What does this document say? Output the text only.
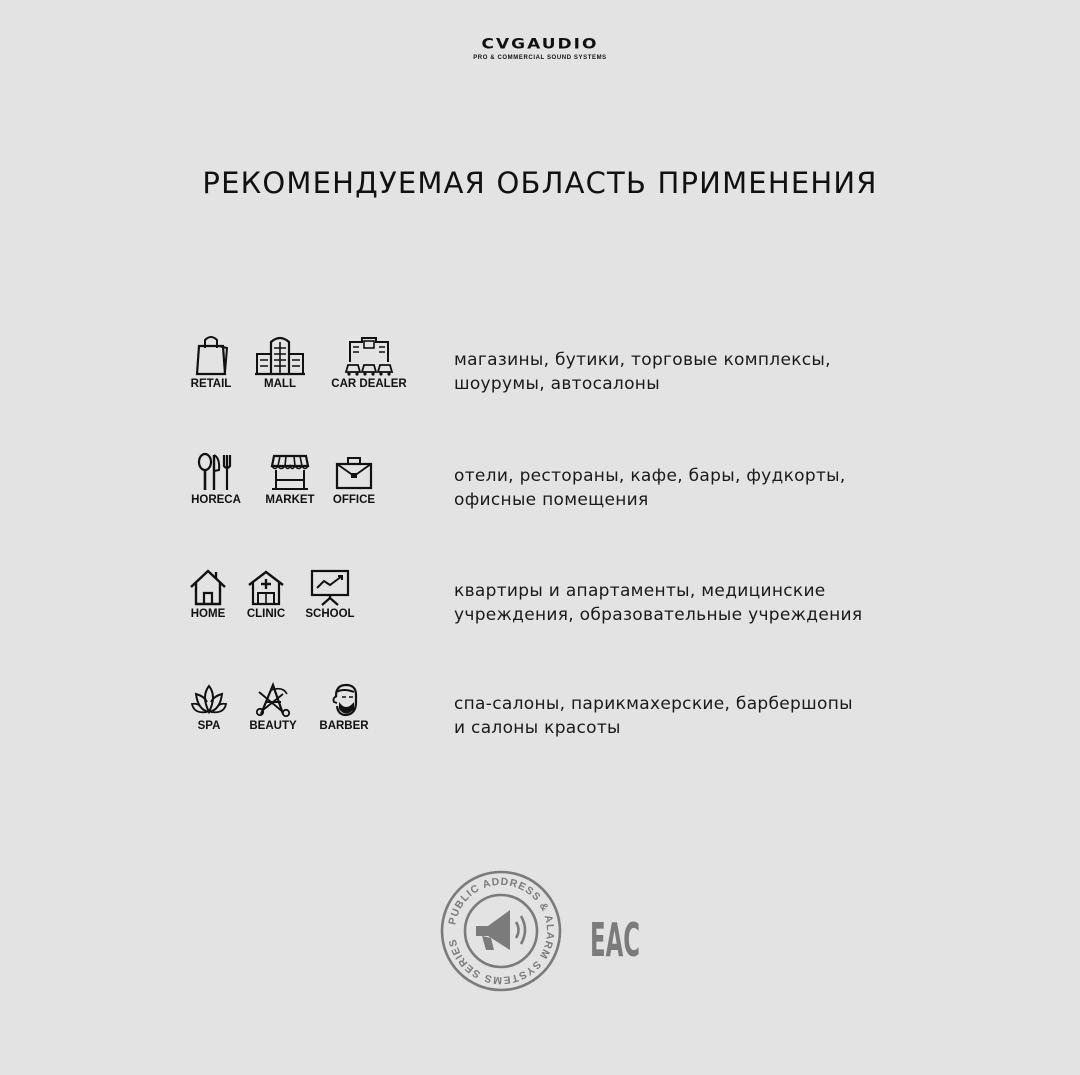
CVGAUDIO
PRO & COMMERCIAL SOUND SYSTEMS
РЕКОМЕНДУЕМАЯ ОБЛАСТЬ ПРИМЕНЕНИЯ
RETAIL	MALL	CAR DEALER
магазины, бутики, торговые комплексы,
шоурумы, автосалоны
HORECA MARKET OFFICE
отели, рестораны, кафе, бары, фудкорты,
офисные помещения
HOME CLINIC SCHOOL
квартиры и апартаменты, медицинские
учреждения, образовательные учреждения
SPA	BEAUTY BARBER
спа-салоны, парикмахерские, барбершопы
и салоны красоты
PUBLIC ADDRESS & ALARM SYSTEMS SERIES	EAC
